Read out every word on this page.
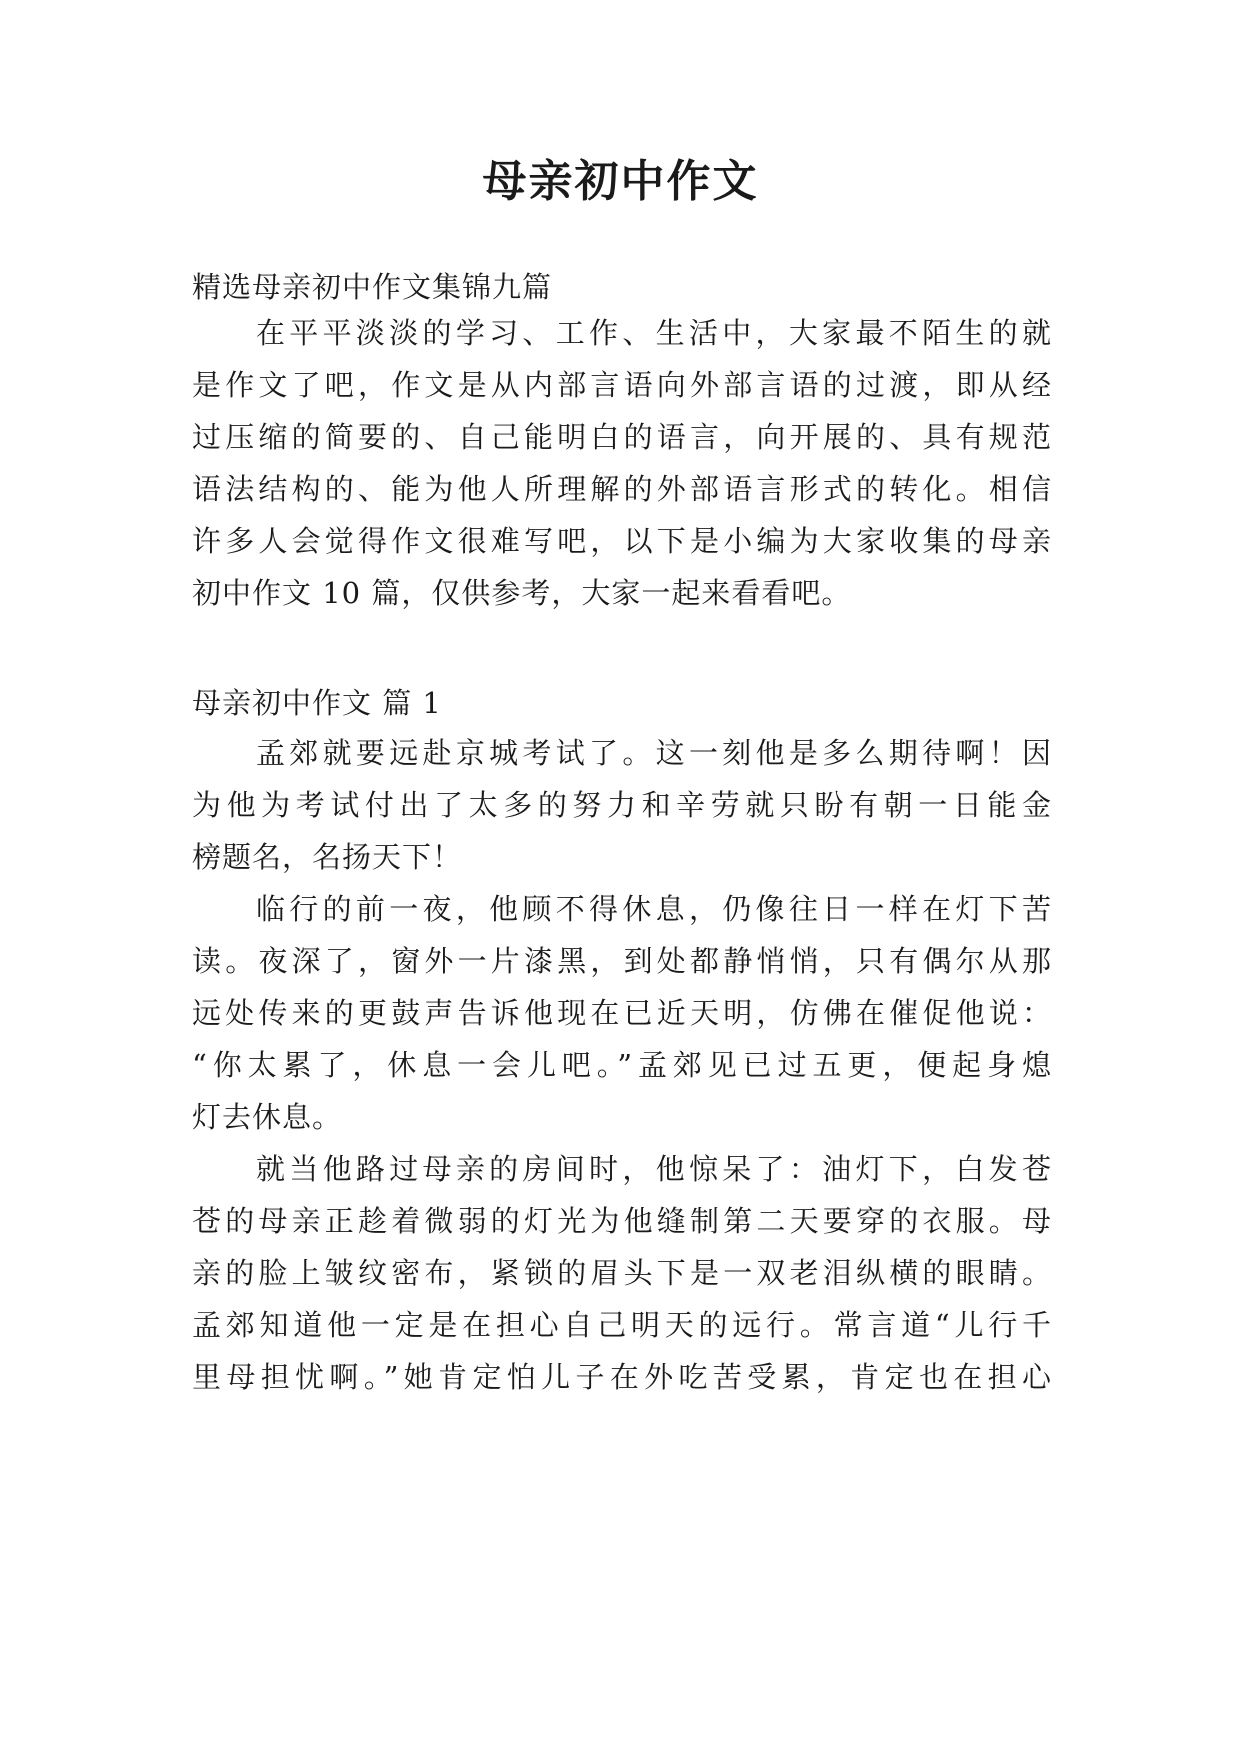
母亲初中作文
精选母亲初中作文集锦九篇
在平平淡淡的学习、工作、生活中，大家最不陌生的就
是作文了吧，作文是从内部言语向外部言语的过渡，即从经
过压缩的简要的、自己能明白的语言，向开展的、具有规范
语法结构的、能为他人所理解的外部语言形式的转化。相信
许多人会觉得作文很难写吧，以下是小编为大家收集的母亲
初中作文 10 篇，仅供参考，大家一起来看看吧。
母亲初中作文 篇 1
孟郊就要远赴京城考试了。这一刻他是多么期待啊！因
为他为考试付出了太多的努力和辛劳就只盼有朝一日能金
榜题名，名扬天下！
临行的前一夜，他顾不得休息，仍像往日一样在灯下苦
读。夜深了，窗外一片漆黑，到处都静悄悄，只有偶尔从那
远处传来的更鼓声告诉他现在已近天明，仿佛在催促他说：
“你太累了，休息一会儿吧。”孟郊见已过五更，便起身熄
灯去休息。
就当他路过母亲的房间时，他惊呆了：油灯下，白发苍
苍的母亲正趁着微弱的灯光为他缝制第二天要穿的衣服。母
亲的脸上皱纹密布，紧锁的眉头下是一双老泪纵横的眼睛。
孟郊知道他一定是在担心自己明天的远行。常言道“儿行千
里母担忧啊。”她肯定怕儿子在外吃苦受累，肯定也在担心
